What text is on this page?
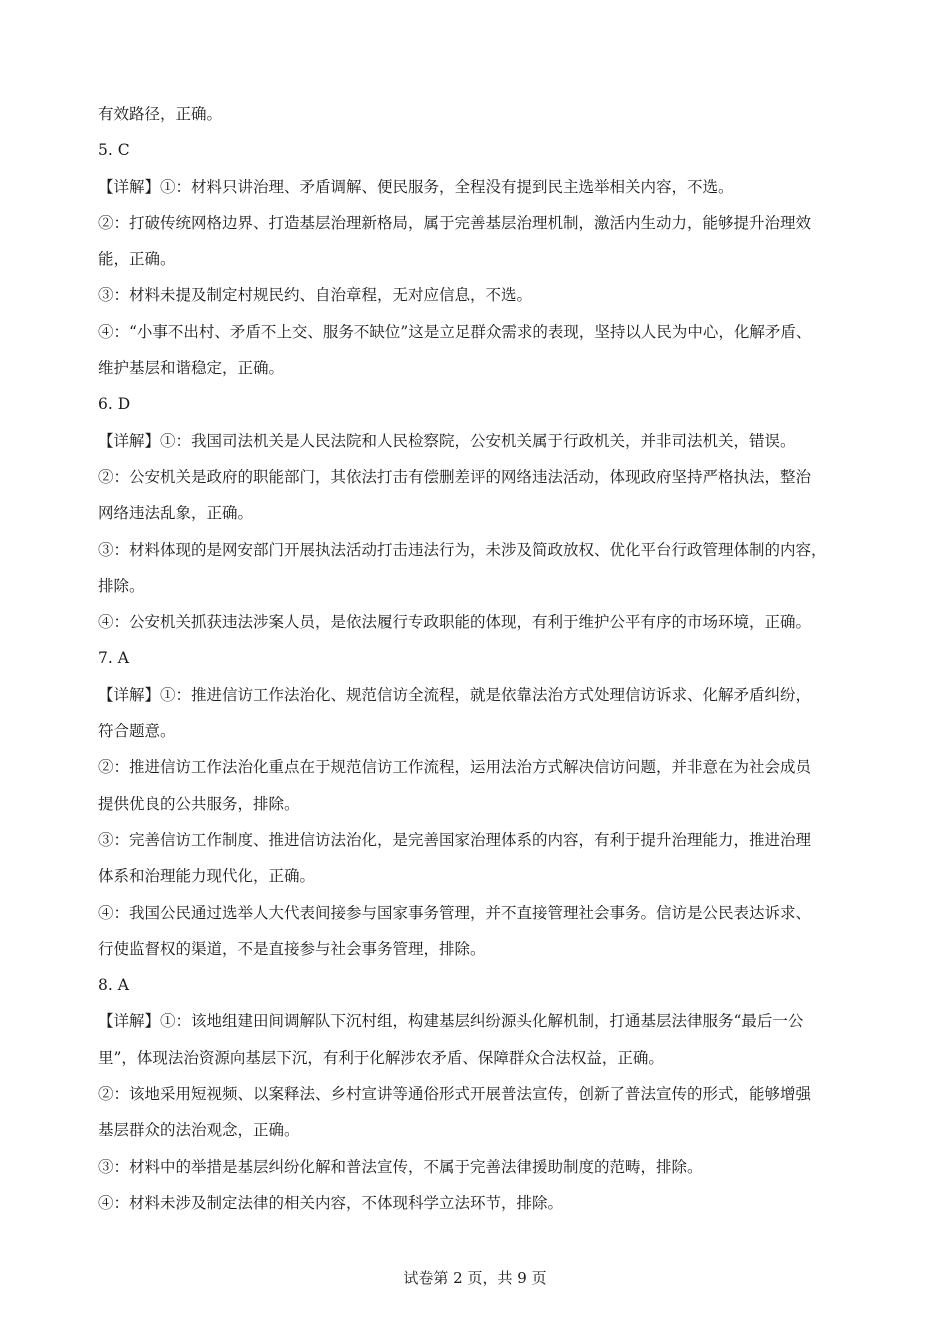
有效路径，正确。
5. C
【详解】①：材料只讲治理、矛盾调解、便民服务，全程没有提到民主选举相关内容，不选。
②：打破传统网格边界、打造基层治理新格局，属于完善基层治理机制，激活内生动力，能够提升治理效
能，正确。
③：材料未提及制定村规民约、自治章程，无对应信息，不选。
④：“小事不出村、矛盾不上交、服务不缺位”这是立足群众需求的表现，坚持以人民为中心，化解矛盾、
维护基层和谐稳定，正确。
6. D
【详解】①：我国司法机关是人民法院和人民检察院，公安机关属于行政机关，并非司法机关，错误。
②：公安机关是政府的职能部门，其依法打击有偿删差评的网络违法活动，体现政府坚持严格执法，整治
网络违法乱象，正确。
③：材料体现的是网安部门开展执法活动打击违法行为，未涉及简政放权、优化平台行政管理体制的内容，
排除。
④：公安机关抓获违法涉案人员，是依法履行专政职能的体现，有利于维护公平有序的市场环境，正确。
7. A
【详解】①：推进信访工作法治化、规范信访全流程，就是依靠法治方式处理信访诉求、化解矛盾纠纷，
符合题意。
②：推进信访工作法治化重点在于规范信访工作流程，运用法治方式解决信访问题，并非意在为社会成员
提供优良的公共服务，排除。
③：完善信访工作制度、推进信访法治化，是完善国家治理体系的内容，有利于提升治理能力，推进治理
体系和治理能力现代化，正确。
④：我国公民通过选举人大代表间接参与国家事务管理，并不直接管理社会事务。信访是公民表达诉求、
行使监督权的渠道，不是直接参与社会事务管理，排除。
8. A
【详解】①：该地组建田间调解队下沉村组，构建基层纠纷源头化解机制，打通基层法律服务“最后一公
里”，体现法治资源向基层下沉，有利于化解涉农矛盾、保障群众合法权益，正确。
②：该地采用短视频、以案释法、乡村宣讲等通俗形式开展普法宣传，创新了普法宣传的形式，能够增强
基层群众的法治观念，正确。
③：材料中的举措是基层纠纷化解和普法宣传，不属于完善法律援助制度的范畴，排除。
④：材料未涉及制定法律的相关内容，不体现科学立法环节，排除。
试卷第 2 页，共 9 页
